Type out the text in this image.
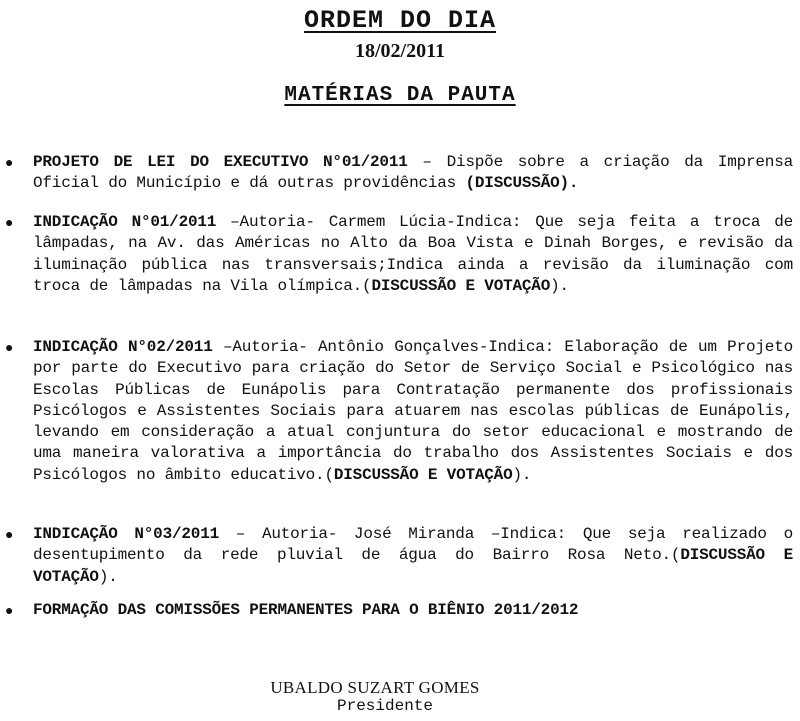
ORDEM DO DIA
18/02/2011
MATÉRIAS DA PAUTA
● PROJETO DE LEI DO EXECUTIVO N°01/2011 – Dispõe sobre a criação da Imprensa Oficial do Município e dá outras providências (DISCUSSÃO).
● INDICAÇÃO N°01/2011 –Autoria- Carmem Lúcia-Indica: Que seja feita a troca de lâmpadas, na Av. das Américas no Alto da Boa Vista e Dinah Borges, e revisão da iluminação pública nas transversais;Indica ainda a revisão da iluminação com troca de lâmpadas na Vila olímpica.(DISCUSSÃO E VOTAÇÃO).
● INDICAÇÃO N°02/2011 –Autoria- Antônio Gonçalves-Indica: Elaboração de um Projeto por parte do Executivo para criação do Setor de Serviço Social e Psicológico nas Escolas Públicas de Eunápolis para Contratação permanente dos profissionais Psicólogos e Assistentes Sociais para atuarem nas escolas públicas de Eunápolis, levando em consideração a atual conjuntura do setor educacional e mostrando de uma maneira valorativa a importância do trabalho dos Assistentes Sociais e dos Psicólogos no âmbito educativo.(DISCUSSÃO E VOTAÇÃO).
● INDICAÇÃO N°03/2011 – Autoria- José Miranda –Indica: Que seja realizado o desentupimento da rede pluvial de água do Bairro Rosa Neto.(DISCUSSÃO E VOTAÇÃO).
● FORMAÇÃO DAS COMISSÕES PERMANENTES PARA O BIÊNIO 2011/2012
UBALDO SUZART GOMES
Presidente
